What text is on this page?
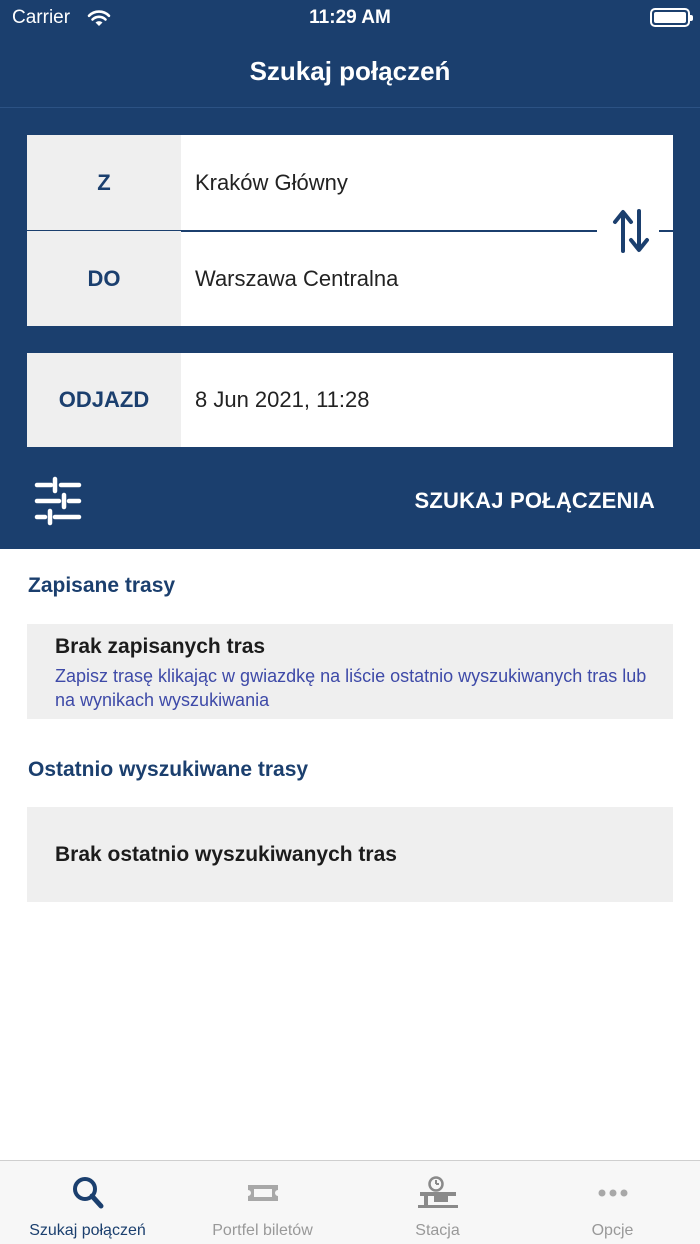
Carrier	11:29 AM
Szukaj połączeń
Z	Kraków Główny
DO	Warszawa Centralna
ODJAZD	8 Jun 2021, 11:28
SZUKAJ POŁĄCZENIA
Zapisane trasy
Brak zapisanych tras
Zapisz trasę klikając w gwiazdkę na liście ostatnio wyszukiwanych tras lub na wynikach wyszukiwania
Ostatnio wyszukiwane trasy
Brak ostatnio wyszukiwanych tras
Szukaj połączeń	Portfel biletów	Stacja	Opcje
